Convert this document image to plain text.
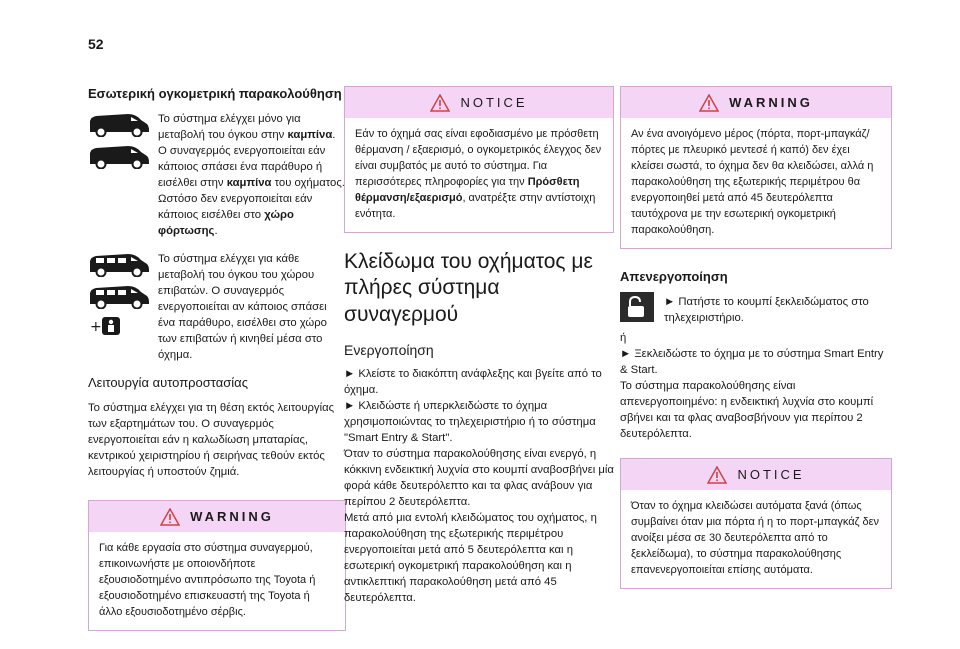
52
Εσωτερική ογκομετρική παρακολούθηση
Το σύστημα ελέγχει μόνο για μεταβολή του όγκου στην καμπίνα. Ο συναγερμός ενεργοποιείται εάν κάποιος σπάσει ένα παράθυρο ή εισέλθει στην καμπίνα του οχήματος. Ωστόσο δεν ενεργοποιείται εάν κάποιος εισέλθει στο χώρο φόρτωσης.
+
Το σύστημα ελέγχει για κάθε μεταβολή του όγκου του χώρου επιβατών. Ο συναγερμός ενεργοποιείται αν κάποιος σπάσει ένα παράθυρο, εισέλθει στο χώρο των επιβατών ή κινηθεί μέσα στο όχημα.
Λειτουργία αυτοπροστασίας

Το σύστημα ελέγχει για τη θέση εκτός λειτουργίας των εξαρτημάτων του. Ο συναγερμός ενεργοποιείται εάν η καλωδίωση μπαταρίας, κεντρικού χειριστηρίου ή σειρήνας τεθούν εκτός λειτουργίας ή υποστούν ζημιά.

WARNING

Για κάθε εργασία στο σύστημα συναγερμού, επικοινωνήστε με οποιονδήποτε εξουσιοδοτημένο αντιπρόσωπο της Toyota ή εξουσιοδοτημένο επισκευαστή της Toyota ή άλλο εξουσιοδοτημένο σέρβις.

NOTICE

Εάν το όχημά σας είναι εφοδιασμένο με πρόσθετη θέρμανση / εξαερισμό, ο ογκομετρικός έλεγχος δεν είναι συμβατός με αυτό το σύστημα. Για περισσότερες πληροφορίες για την Πρόσθετη θέρμανση/εξαερισμό, ανατρέξτε στην αντίστοιχη ενότητα.

Κλείδωμα του οχήματος με πλήρες σύστημα συναγερμού
Ενεργοποίηση

► Κλείστε το διακόπτη ανάφλεξης και βγείτε από το όχημα.
► Κλειδώστε ή υπερκλειδώστε το όχημα χρησιμοποιώντας το τηλεχειριστήριο ή το σύστημα "Smart Entry & Start".
Όταν το σύστημα παρακολούθησης είναι ενεργό, η κόκκινη ενδεικτική λυχνία στο κουμπί αναβοσβήνει μία φορά κάθε δευτερόλεπτο και τα φλας ανάβουν για περίπου 2 δευτερόλεπτα.
Μετά από μια εντολή κλειδώματος του οχήματος, η παρακολούθηση της εξωτερικής περιμέτρου ενεργοποιείται μετά από 5 δευτερόλεπτα και η εσωτερική ογκομετρική παρακολούθηση και η αντικλεπτική παρακολούθηση μετά από 45 δευτερόλεπτα.

WARNING

Αν ένα ανοιγόμενο μέρος (πόρτα, πορτ-μπαγκάζ/πόρτες με πλευρικό μεντεσέ ή καπό) δεν έχει κλείσει σωστά, το όχημα δεν θα κλειδώσει, αλλά η παρακολούθηση της εξωτερικής περιμέτρου θα ενεργοποιηθεί μετά από 45 δευτερόλεπτα ταυτόχρονα με την εσωτερική ογκομετρική παρακολούθηση.

Απενεργοποίηση

► Πατήστε το κουμπί ξεκλειδώματος στο τηλεχειριστήριο.

ή
► Ξεκλειδώστε το όχημα με το σύστημα Smart Entry & Start.
Το σύστημα παρακολούθησης είναι απενεργοποιημένο: η ενδεικτική λυχνία στο κουμπί σβήνει και τα φλας αναβοσβήνουν για περίπου 2 δευτερόλεπτα.

NOTICE

Όταν το όχημα κλειδώσει αυτόματα ξανά (όπως συμβαίνει όταν μια πόρτα ή η το πορτ-μπαγκάζ δεν ανοίξει μέσα σε 30 δευτερόλεπτα από το ξεκλείδωμα), το σύστημα παρακολούθησης επανενεργοποιείται επίσης αυτόματα.
